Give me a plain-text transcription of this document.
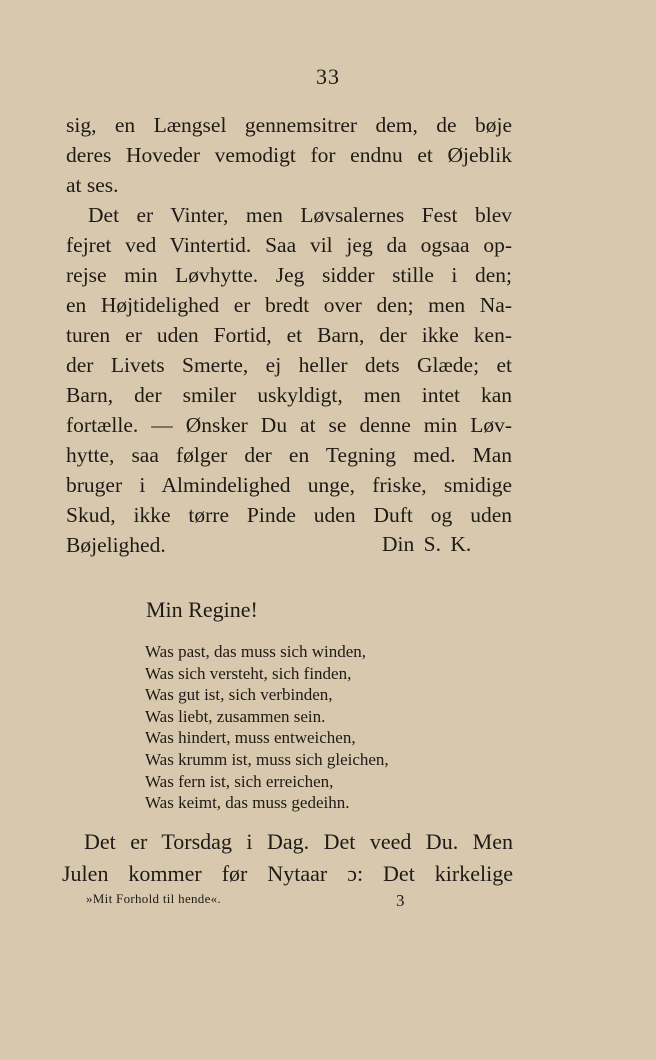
33
sig, en Længsel gennemsitrer dem, de bøje
deres Hoveder vemodigt for endnu et Øjeblik
at ses.
Det er Vinter, men Løvsalernes Fest blev
fejret ved Vintertid. Saa vil jeg da ogsaa op-
rejse min Løvhytte. Jeg sidder stille i den;
en Højtidelighed er bredt over den; men Na-
turen er uden Fortid, et Barn, der ikke ken-
der Livets Smerte, ej heller dets Glæde; et
Barn, der smiler uskyldigt, men intet kan
fortælle. — Ønsker Du at se denne min Løv-
hytte, saa følger der en Tegning med. Man
bruger i Almindelighed unge, friske, smidige
Skud, ikke tørre Pinde uden Duft og uden
Bøjelighed.	Din S. K.
Min Regine!
Was past, das muss sich winden,
Was sich versteht, sich finden,
Was gut ist, sich verbinden,
Was liebt, zusammen sein.
Was hindert, muss entweichen,
Was krumm ist, muss sich gleichen,
Was fern ist, sich erreichen,
Was keimt, das muss gedeihn.
Det er Torsdag i Dag. Det veed Du. Men
Julen kommer før Nytaar ɔ: Det kirkelige
»Mit Forhold til hende«.	3
